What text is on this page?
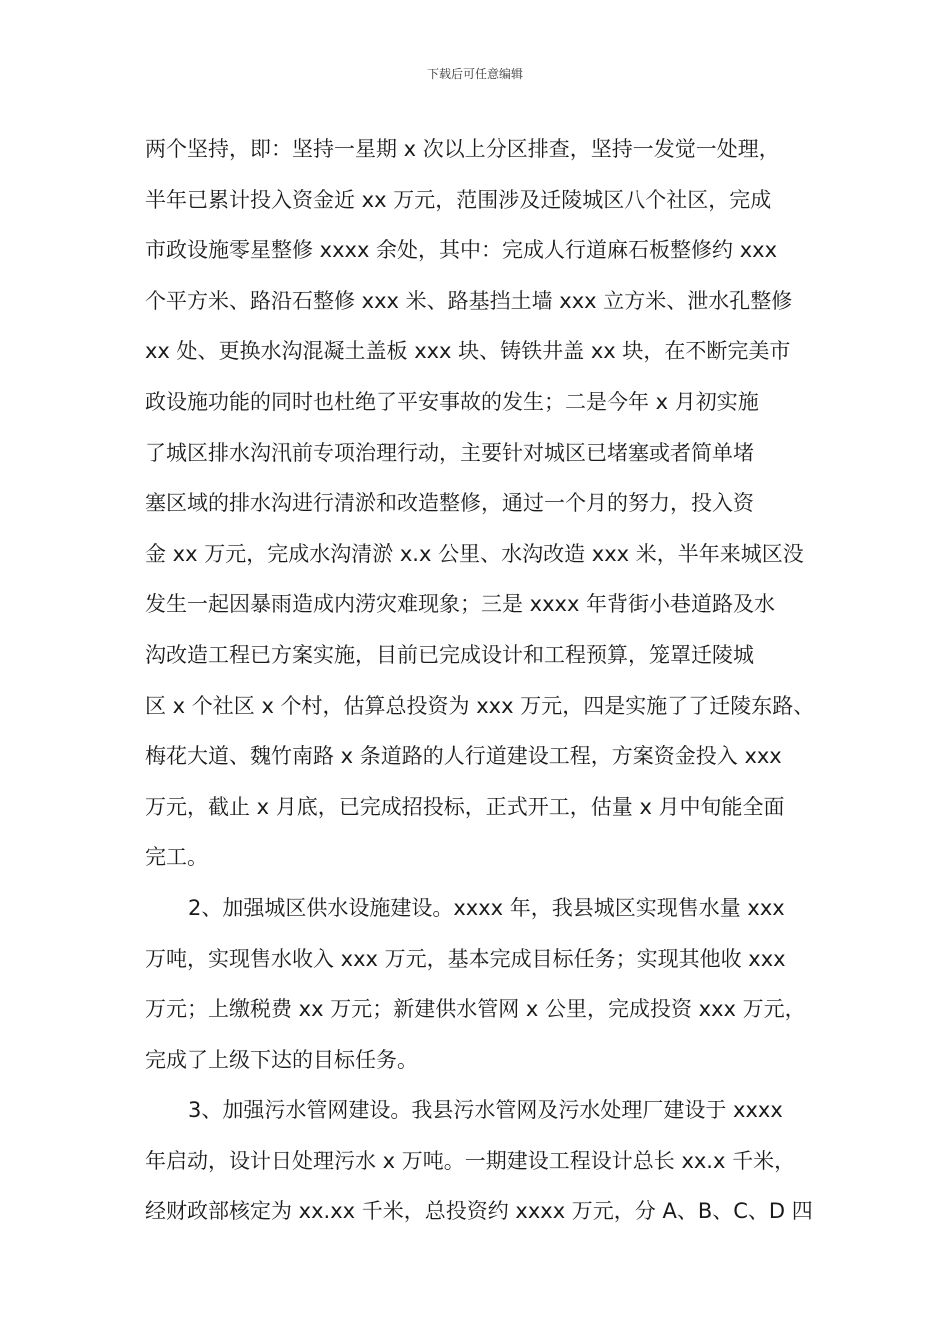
下载后可任意编辑
两个坚持，即：坚持一星期 x 次以上分区排查，坚持一发觉一处理，
半年已累计投入资金近 xx 万元，范围涉及迁陵城区八个社区，完成
市政设施零星整修 xxxx 余处，其中：完成人行道麻石板整修约 xxx
个平方米、路沿石整修 xxx 米、路基挡土墙 xxx 立方米、泄水孔整修
xx 处、更换水沟混凝土盖板 xxx 块、铸铁井盖 xx 块，在不断完美市
政设施功能的同时也杜绝了平安事故的发生；二是今年 x 月初实施
了城区排水沟汛前专项治理行动，主要针对城区已堵塞或者简单堵
塞区域的排水沟进行清淤和改造整修，通过一个月的努力，投入资
金 xx 万元，完成水沟清淤 x.x 公里、水沟改造 xxx 米，半年来城区没
发生一起因暴雨造成内涝灾难现象；三是 xxxx 年背街小巷道路及水
沟改造工程已方案实施，目前已完成设计和工程预算，笼罩迁陵城
区 x 个社区 x 个村，估算总投资为 xxx 万元，四是实施了了迁陵东路、
梅花大道、魏竹南路 x 条道路的人行道建设工程，方案资金投入 xxx
万元，截止 x 月底，已完成招投标，正式开工，估量 x 月中旬能全面
完工。
2、加强城区供水设施建设。xxxx 年，我县城区实现售水量 xxx
万吨，实现售水收入 xxx 万元，基本完成目标任务；实现其他收 xxx
万元；上缴税费 xx 万元；新建供水管网 x 公里，完成投资 xxx 万元，
完成了上级下达的目标任务。
3、加强污水管网建设。我县污水管网及污水处理厂建设于 xxxx
年启动，设计日处理污水 x 万吨。一期建设工程设计总长 xx.x 千米，
经财政部核定为 xx.xx 千米，总投资约 xxxx 万元，分 A、B、C、D 四
